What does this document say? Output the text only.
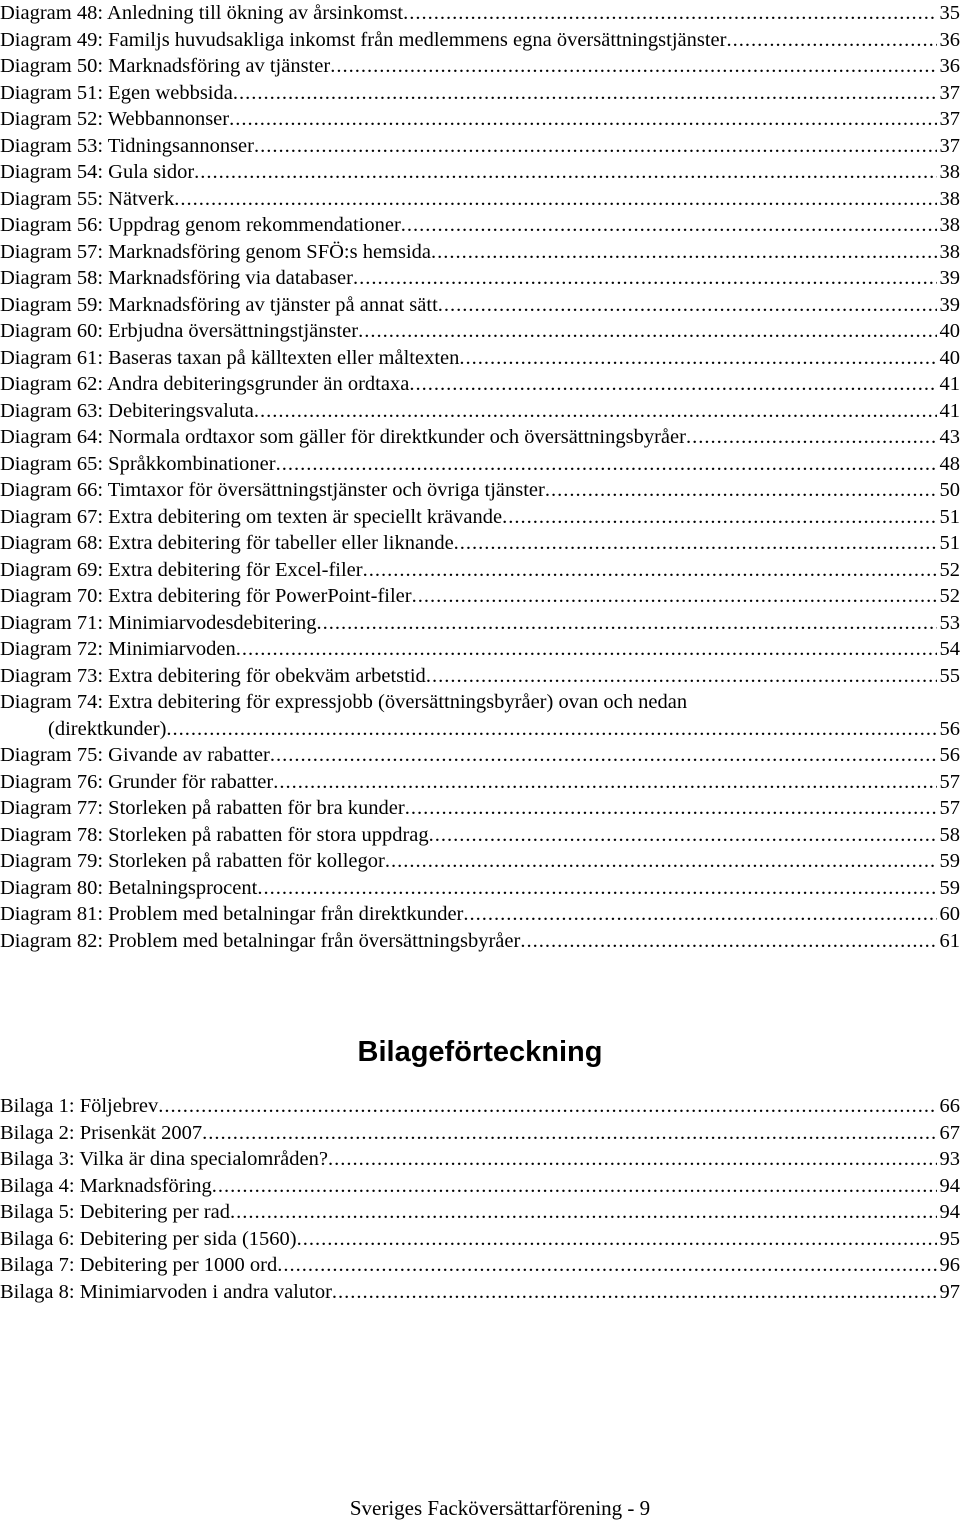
Diagram 48: Anledning till ökning av årsinkomst .....	35
Diagram 49: Familjs huvudsakliga inkomst från medlemmens egna översättningstjänster .....	36
Diagram 50: Marknadsföring av tjänster .....	36
Diagram 51: Egen webbsida .....	37
Diagram 52: Webbannonser .....	37
Diagram 53: Tidningsannonser .....	37
Diagram 54: Gula sidor .....	38
Diagram 55: Nätverk .....	38
Diagram 56: Uppdrag genom rekommendationer .....	38
Diagram 57: Marknadsföring genom SFÖ:s hemsida .....	38
Diagram 58: Marknadsföring via databaser .....	39
Diagram 59: Marknadsföring av tjänster på annat sätt .....	39
Diagram 60: Erbjudna översättningstjänster .....	40
Diagram 61: Baseras taxan på källtexten eller måltexten .....	40
Diagram 62: Andra debiteringsgrunder än ordtaxa .....	41
Diagram 63: Debiteringsvaluta .....	41
Diagram 64: Normala ordtaxor som gäller för direktkunder och översättningsbyråer .....	43
Diagram 65: Språkkombinationer .....	48
Diagram 66: Timtaxor för översättningstjänster och övriga tjänster .....	50
Diagram 67: Extra debitering om texten är speciellt krävande .....	51
Diagram 68: Extra debitering för tabeller eller liknande .....	51
Diagram 69: Extra debitering för Excel-filer .....	52
Diagram 70: Extra debitering för PowerPoint-filer .....	52
Diagram 71: Minimiarvodesdebitering .....	53
Diagram 72: Minimiarvoden .....	54
Diagram 73: Extra debitering för obekväm arbetstid .....	55
Diagram 74: Extra debitering för expressjobb (översättningsbyråer) ovan och nedan
(direktkunder) .....	56
Diagram 75: Givande av rabatter .....	56
Diagram 76: Grunder för rabatter .....	57
Diagram 77: Storleken på rabatten för bra kunder .....	57
Diagram 78: Storleken på rabatten för stora uppdrag .....	58
Diagram 79: Storleken på rabatten för kollegor .....	59
Diagram 80: Betalningsprocent .....	59
Diagram 81: Problem med betalningar från direktkunder .....	60
Diagram 82: Problem med betalningar från översättningsbyråer .....	61
Bilageförteckning
Bilaga 1: Följebrev .....	66
Bilaga 2: Prisenkät 2007 .....	67
Bilaga 3: Vilka är dina specialområden? .....	93
Bilaga 4: Marknadsföring .....	94
Bilaga 5: Debitering per rad .....	94
Bilaga 6: Debitering per sida (1560) .....	95
Bilaga 7: Debitering per 1000 ord .....	96
Bilaga 8: Minimiarvoden i andra valutor .....	97
Sveriges Facköversättarförening - 9
